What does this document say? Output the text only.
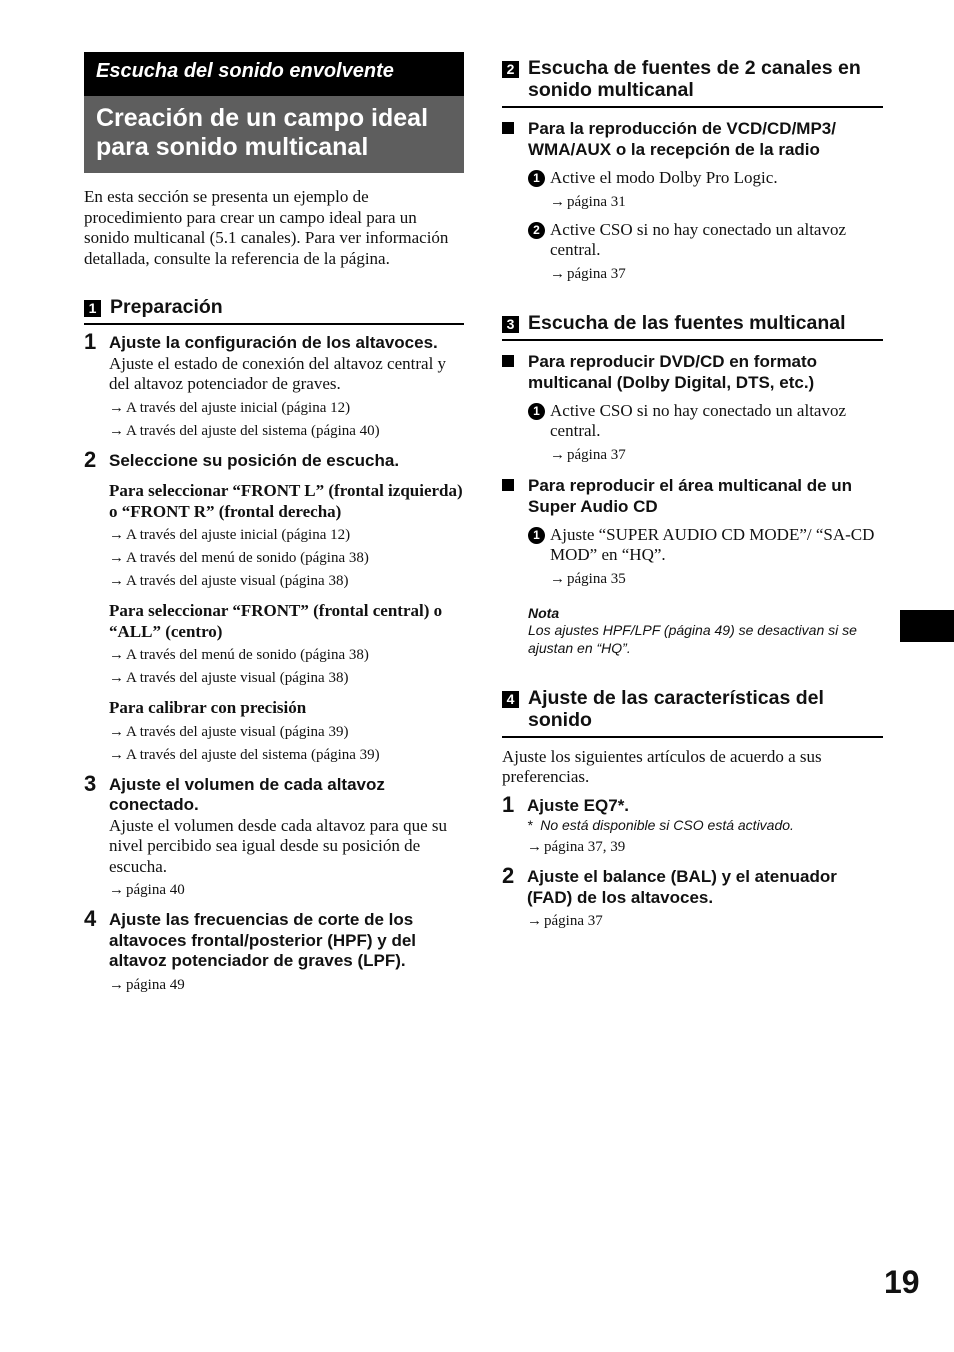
Escucha del sonido envolvente
Creación de un campo ideal
para sonido multicanal
En esta sección se presenta un ejemplo de procedimiento para crear un campo ideal para un sonido multicanal (5.1 canales). Para ver información detallada, consulte la referencia de la página.
1 Preparación
1 Ajuste la configuración de los altavoces.
Ajuste el estado de conexión del altavoz central y del altavoz potenciador de graves.
→ A través del ajuste inicial (página 12)
→ A través del ajuste del sistema (página 40)
2 Seleccione su posición de escucha.
Para seleccionar “FRONT L” (frontal izquierda) o “FRONT R” (frontal derecha)
→ A través del ajuste inicial (página 12)
→ A través del menú de sonido (página 38)
→ A través del ajuste visual (página 38)
Para seleccionar “FRONT” (frontal central) o “ALL” (centro)
→ A través del menú de sonido (página 38)
→ A través del ajuste visual (página 38)
Para calibrar con precisión
→ A través del ajuste visual (página 39)
→ A través del ajuste del sistema (página 39)
3 Ajuste el volumen de cada altavoz conectado.
Ajuste el volumen desde cada altavoz para que su nivel percibido sea igual desde su posición de escucha.
→ página 40
4 Ajuste las frecuencias de corte de los altavoces frontal/posterior (HPF) y del altavoz potenciador de graves (LPF).
→ página 49
2 Escucha de fuentes de 2 canales en sonido multicanal
Para la reproducción de VCD/CD/MP3/ WMA/AUX o la recepción de la radio
1 Active el modo Dolby Pro Logic.
→ página 31
2 Active CSO si no hay conectado un altavoz central.
→ página 37
3 Escucha de las fuentes multicanal
Para reproducir DVD/CD en formato multicanal (Dolby Digital, DTS, etc.)
1 Active CSO si no hay conectado un altavoz central.
→ página 37
Para reproducir el área multicanal de un Super Audio CD
1 Ajuste “SUPER AUDIO CD MODE”/ “SA-CD MOD” en “HQ”.
→ página 35
Nota
Los ajustes HPF/LPF (página 49) se desactivan si se ajustan en “HQ”.
4 Ajuste de las características del sonido
Ajuste los siguientes artículos de acuerdo a sus preferencias.
1 Ajuste EQ7*.
*  No está disponible si CSO está activado.
→ página 37, 39
2 Ajuste el balance (BAL) y el atenuador (FAD) de los altavoces.
→ página 37
19
